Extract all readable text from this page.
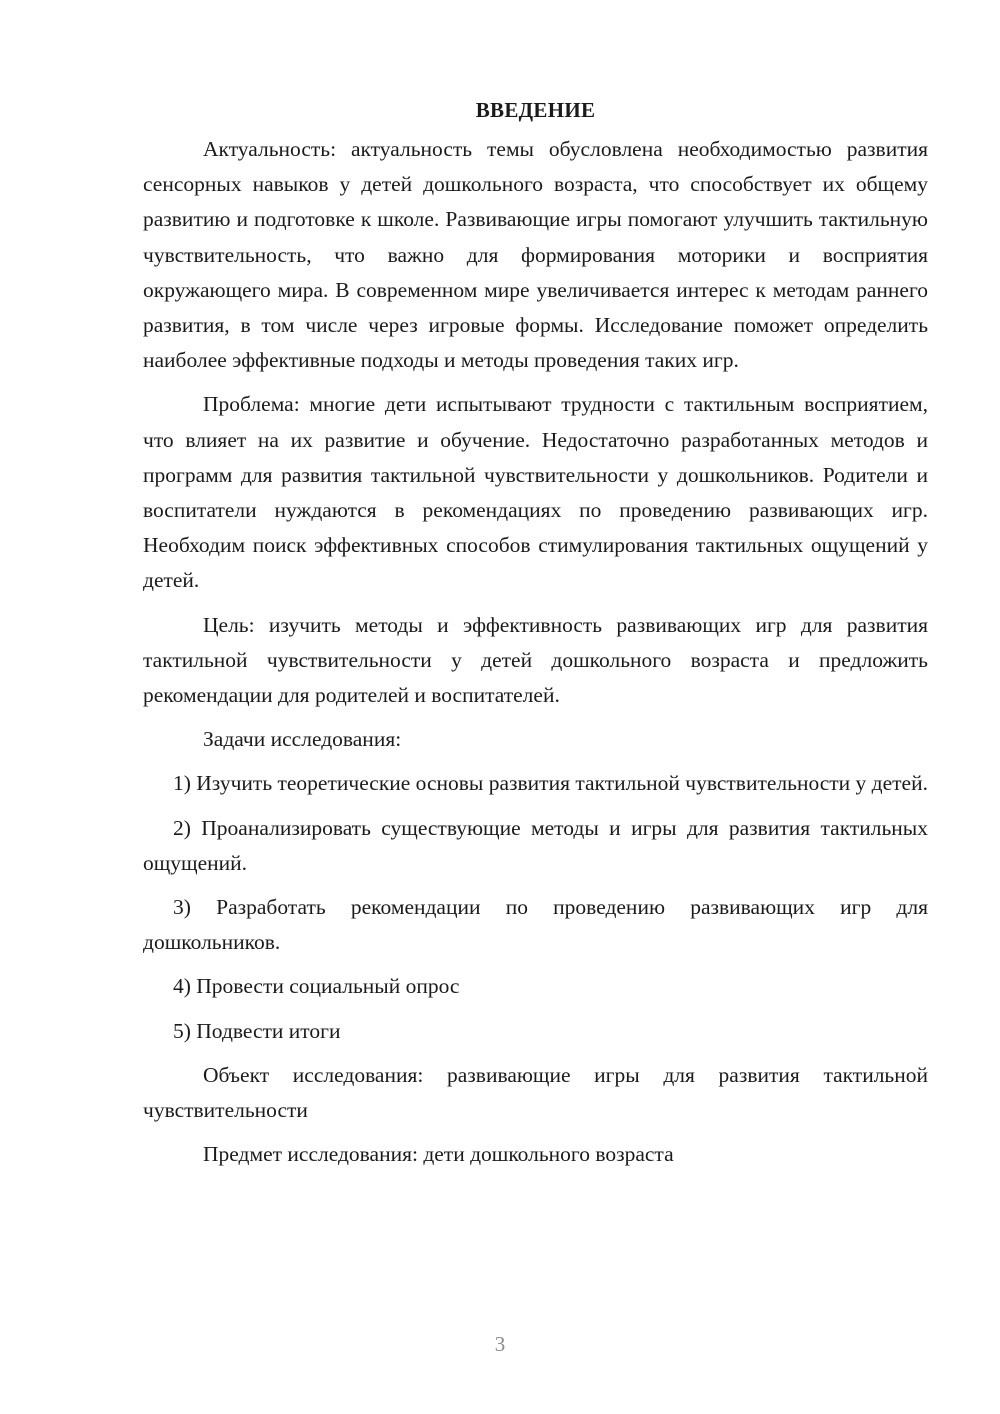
ВВЕДЕНИЕ

Актуальность: актуальность темы обусловлена необходимостью развития сенсорных навыков у детей дошкольного возраста, что способствует их общему развитию и подготовке к школе. Развивающие игры помогают улучшить тактильную чувствительность, что важно для формирования моторики и восприятия окружающего мира. В современном мире увеличивается интерес к методам раннего развития, в том числе через игровые формы. Исследование поможет определить наиболее эффективные подходы и методы проведения таких игр.

Проблема: многие дети испытывают трудности с тактильным восприятием, что влияет на их развитие и обучение. Недостаточно разработанных методов и программ для развития тактильной чувствительности у дошкольников. Родители и воспитатели нуждаются в рекомендациях по проведению развивающих игр. Необходим поиск эффективных способов стимулирования тактильных ощущений у детей.

Цель: изучить методы и эффективность развивающих игр для развития тактильной чувствительности у детей дошкольного возраста и предложить рекомендации для родителей и воспитателей.

Задачи исследования:

1) Изучить теоретические основы развития тактильной чувствительности у детей.

2) Проанализировать существующие методы и игры для развития тактильных ощущений.

3) Разработать рекомендации по проведению развивающих игр для дошкольников.

4) Провести социальный опрос

5) Подвести итоги

Объект исследования: развивающие игры для развития тактильной чувствительности

Предмет исследования: дети дошкольного возраста

3
